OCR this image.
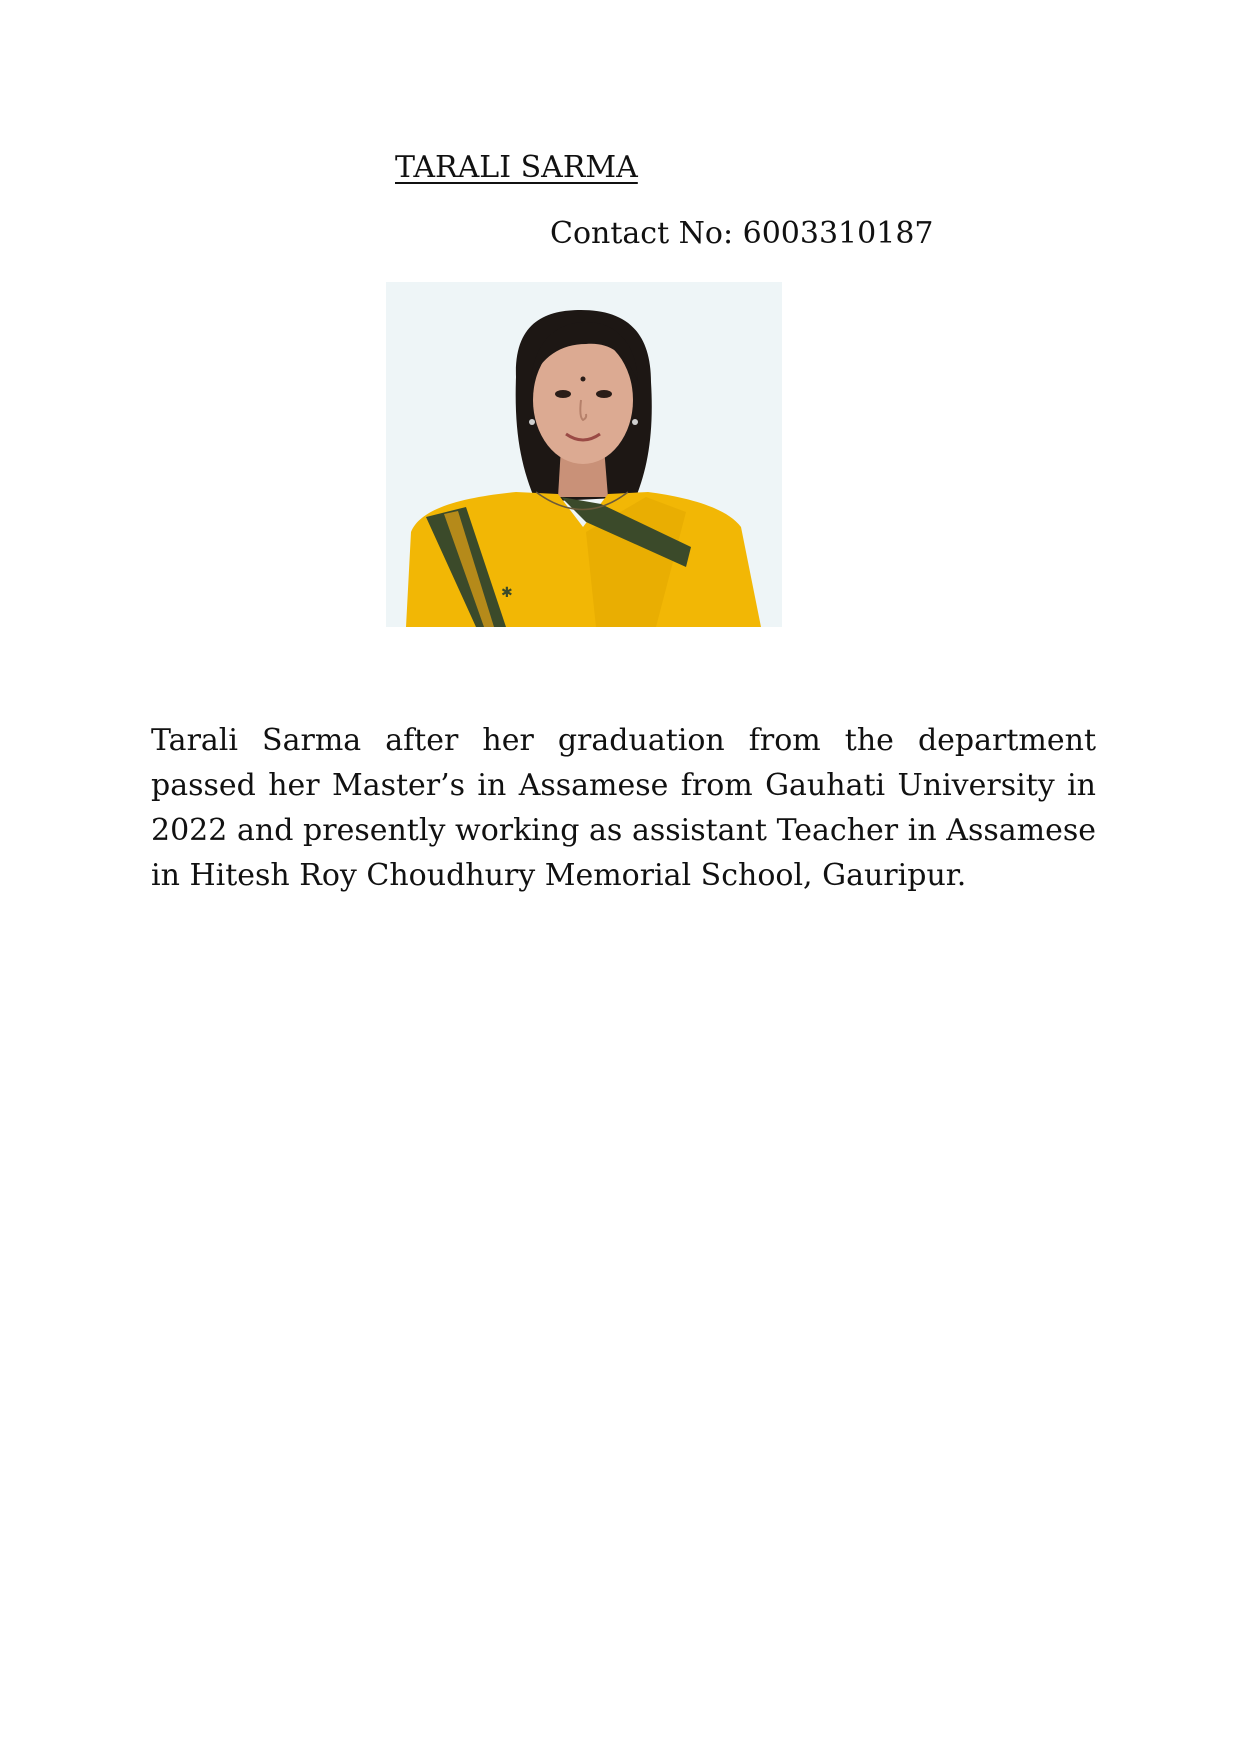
TARALI SARMA
Contact No: 6003310187
✱

Tarali Sarma after her graduation from the department passed her Master’s in Assamese from Gauhati University in 2022 and presently working as assistant Teacher in Assamese in Hitesh Roy Choudhury Memorial School, Gauripur.
